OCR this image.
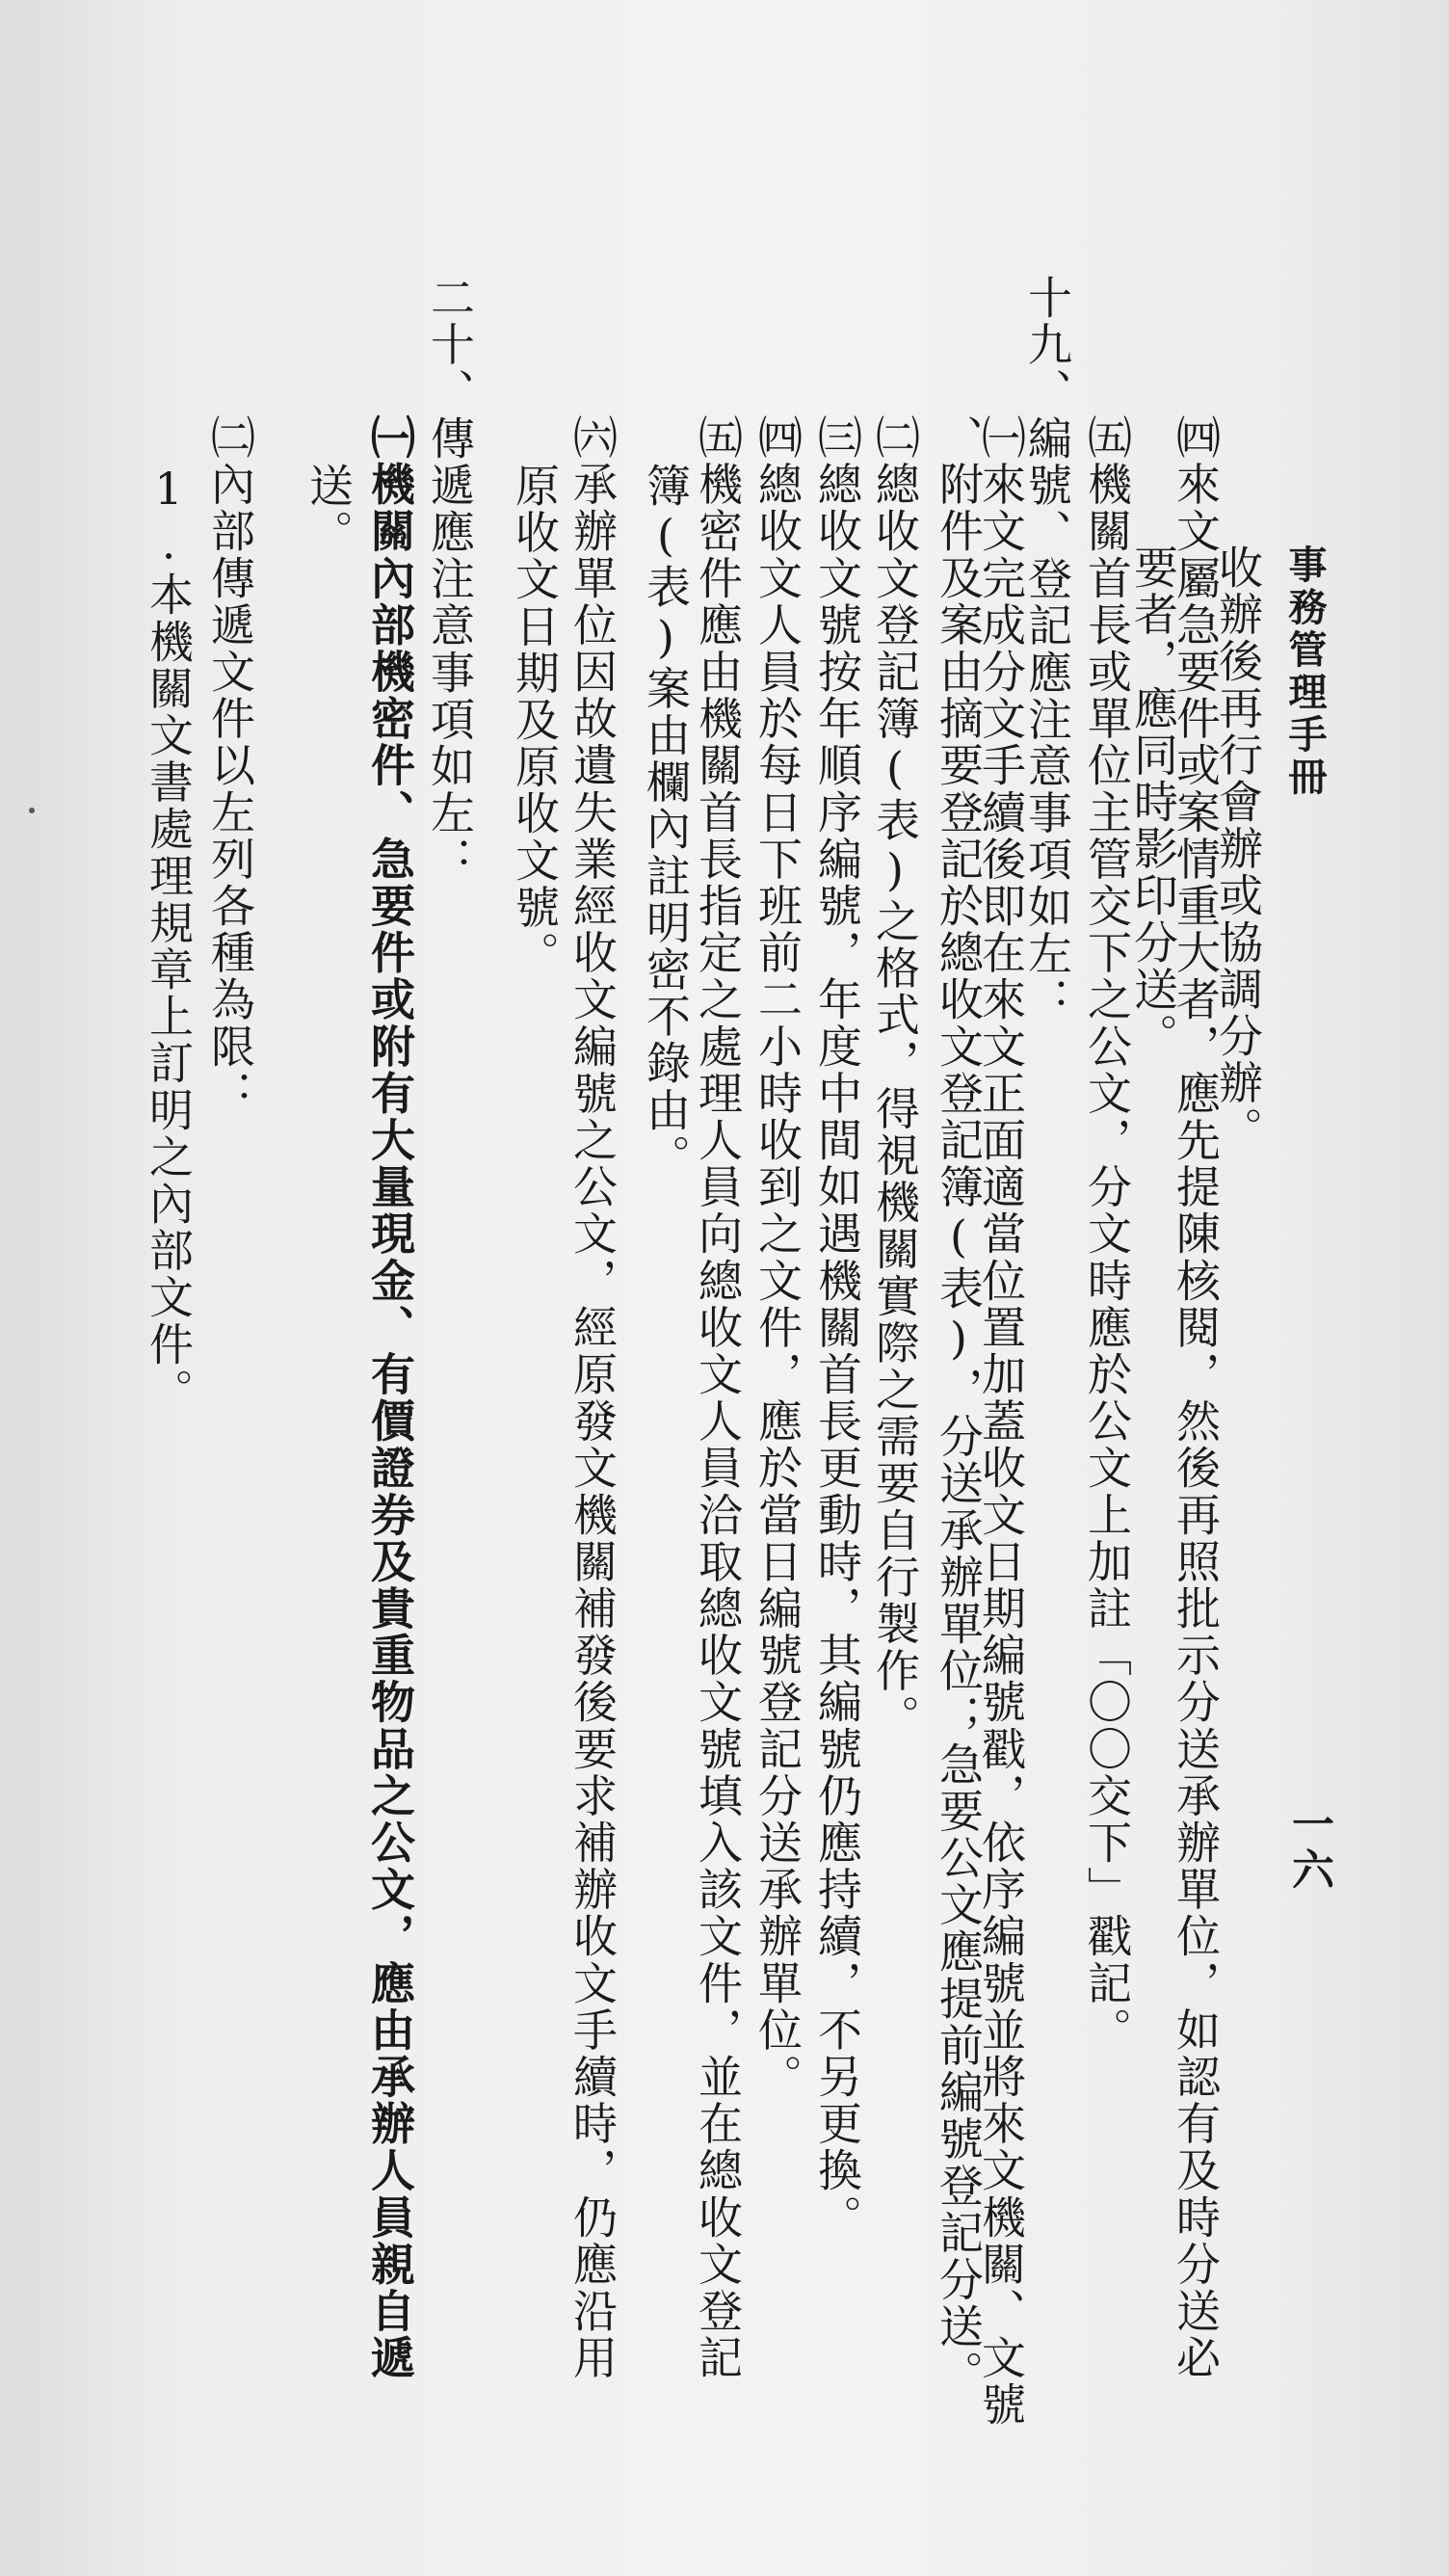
事務管理手冊
一六
收辦後再行會辦或協調分辦。
㈣來文屬急要件或案情重大者，應先提陳核閱，然後再照批示分送承辦單位，如認有及時分送必
要者，應同時影印分送。
㈤機關首長或單位主管交下之公文，分文時應於公文上加註「〇〇交下」戳記。
十九、編號、登記應注意事項如左：
㈠來文完成分文手續後即在來文正面適當位置加蓋收文日期編號戳，依序編號並將來文機關、文號
、附件及案由摘要登記於總收文登記簿(表)，分送承辦單位；急要公文應提前編號登記分送。
㈡總收文登記簿(表)之格式，得視機關實際之需要自行製作。
㈢總收文號按年順序編號，年度中間如遇機關首長更動時，其編號仍應持續，不另更換。
㈣總收文人員於每日下班前二小時收到之文件，應於當日編號登記分送承辦單位。
㈤機密件應由機關首長指定之處理人員向總收文人員洽取總收文號填入該文件，並在總收文登記
簿(表)案由欄內註明密不錄由。
㈥承辦單位因故遺失業經收文編號之公文，經原發文機關補發後要求補辦收文手續時，仍應沿用
原收文日期及原收文號。
二十、傳遞應注意事項如左：
㈠機關內部機密件、急要件或附有大量現金、有價證券及貴重物品之公文，應由承辦人員親自遞
送。
㈡內部傳遞文件以左列各種為限：
1.本機關文書處理規章上訂明之內部文件。
